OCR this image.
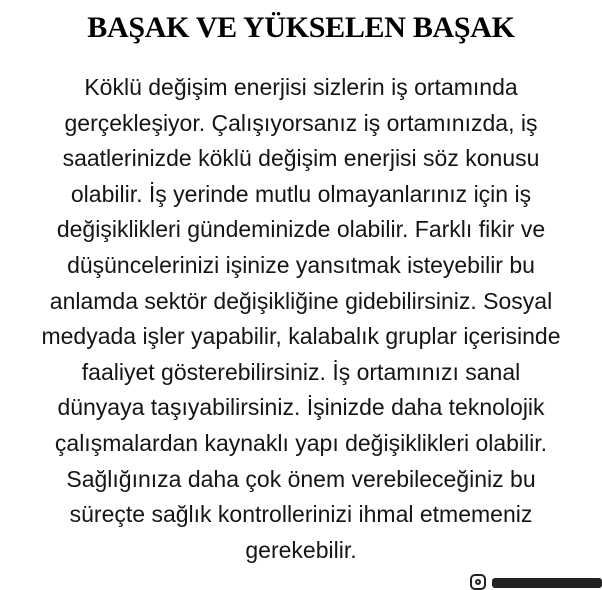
BAŞAK VE YÜKSELEN BAŞAK
Köklü değişim enerjisi sizlerin iş ortamında
gerçekleşiyor. Çalışıyorsanız iş ortamınızda, iş
saatlerinizde köklü değişim enerjisi söz konusu
olabilir. İş yerinde mutlu olmayanlarınız için iş
değişiklikleri gündeminizde olabilir. Farklı fikir ve
düşüncelerinizi işinize yansıtmak isteyebilir bu
anlamda sektör değişikliğine gidebilirsiniz. Sosyal
medyada işler yapabilir, kalabalık gruplar içerisinde
faaliyet gösterebilirsiniz. İş ortamınızı sanal
dünyaya taşıyabilirsiniz. İşinizde daha teknolojik
çalışmalardan kaynaklı yapı değişiklikleri olabilir.
Sağlığınıza daha çok önem verebileceğiniz bu
süreçte sağlık kontrollerinizi ihmal etmemeniz
gerekebilir.
